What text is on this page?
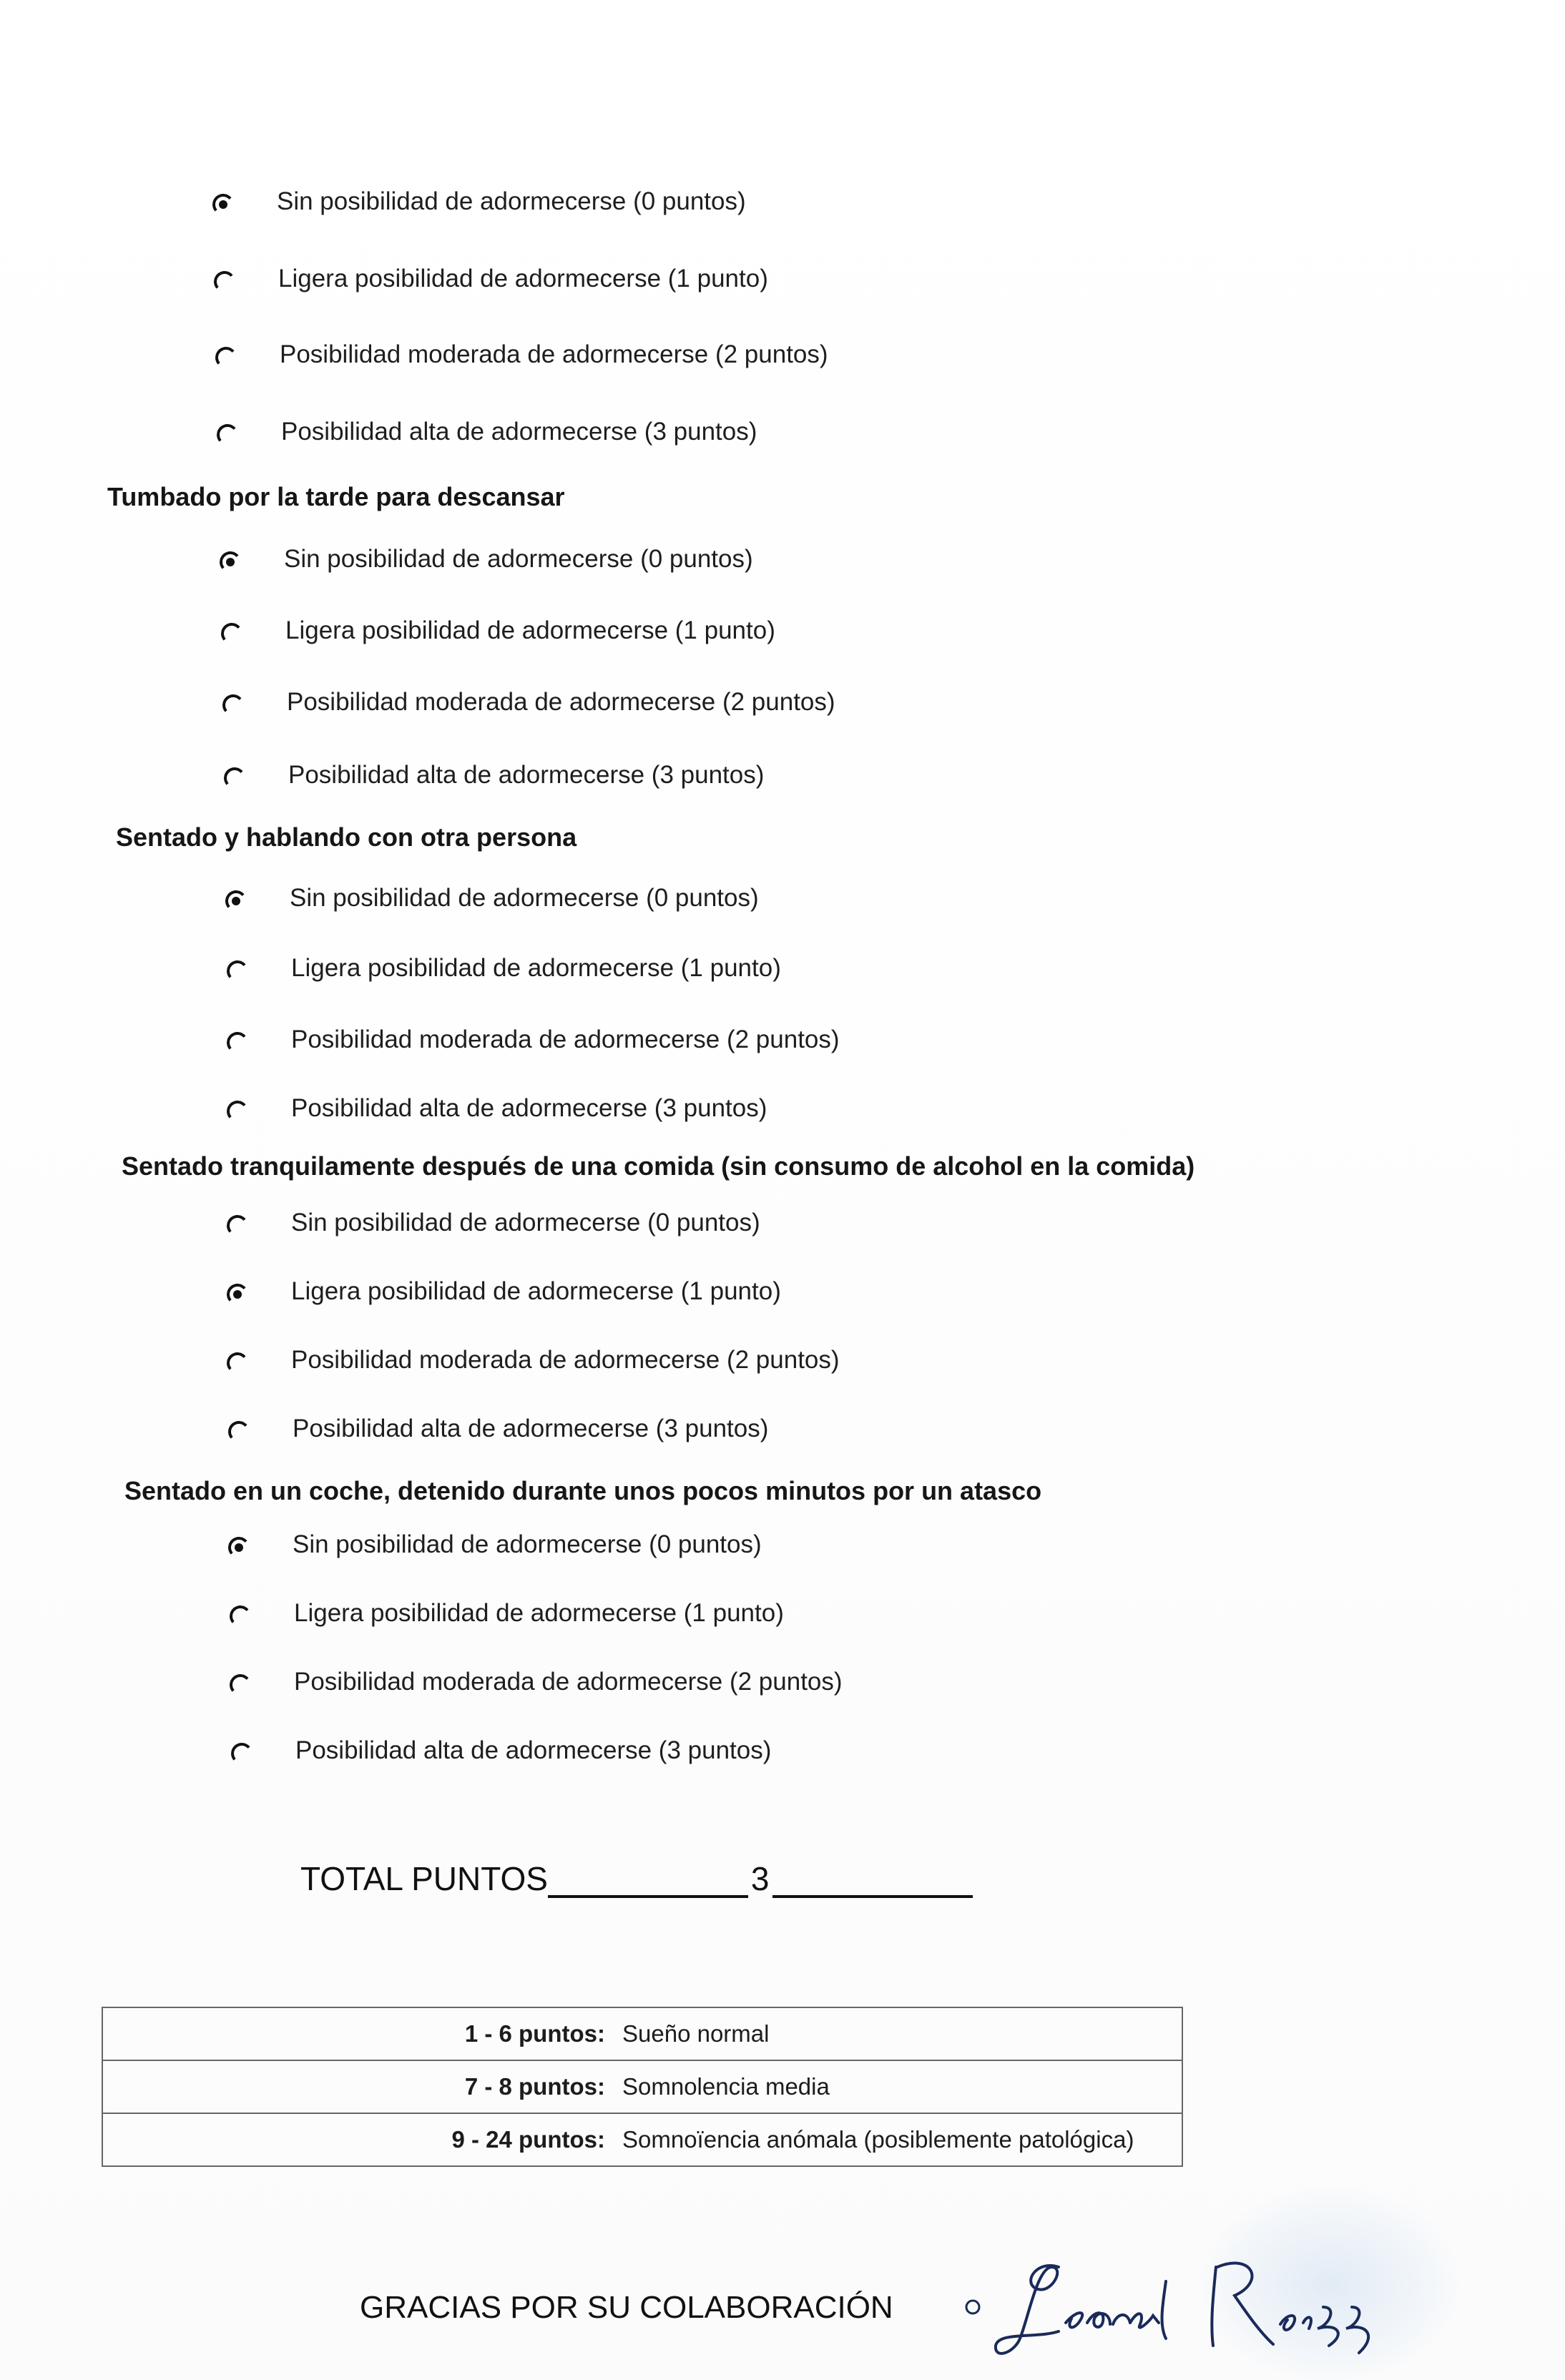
Sin posibilidad de adormecerse (0 puntos)
Ligera posibilidad de adormecerse (1 punto)
Posibilidad moderada de adormecerse (2 puntos)
Posibilidad alta de adormecerse (3 puntos)
Tumbado por la tarde para descansar
Sin posibilidad de adormecerse (0 puntos)
Ligera posibilidad de adormecerse (1 punto)
Posibilidad moderada de adormecerse (2 puntos)
Posibilidad alta de adormecerse (3 puntos)
Sentado y hablando con otra persona
Sin posibilidad de adormecerse (0 puntos)
Ligera posibilidad de adormecerse (1 punto)
Posibilidad moderada de adormecerse (2 puntos)
Posibilidad alta de adormecerse (3 puntos)
Sentado tranquilamente después de una comida (sin consumo de alcohol en la comida)
Sin posibilidad de adormecerse (0 puntos)
Ligera posibilidad de adormecerse (1 punto)
Posibilidad moderada de adormecerse (2 puntos)
Posibilidad alta de adormecerse (3 puntos)
Sentado en un coche, detenido durante unos pocos minutos por un atasco
Sin posibilidad de adormecerse (0 puntos)
Ligera posibilidad de adormecerse (1 punto)
Posibilidad moderada de adormecerse (2 puntos)
Posibilidad alta de adormecerse (3 puntos)
TOTAL PUNTOS	3
1 - 6 puntos: Sueño normal
7 - 8 puntos: Somnolencia media
9 - 24 puntos: Somnoïencia anómala (posiblemente patológica)
GRACIAS POR SU COLABORACIÓN
